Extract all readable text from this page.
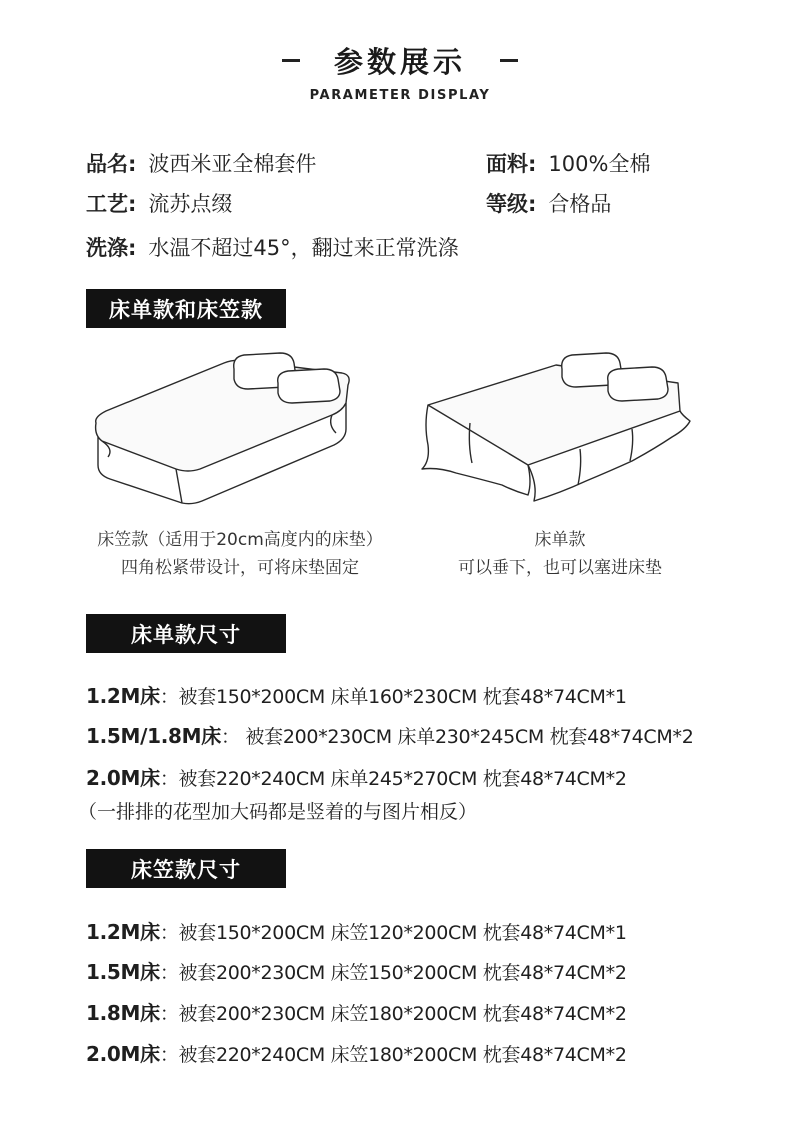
参数展示
PARAMETER DISPLAY
品名: 波西米亚全棉套件	面料: 100%全棉
工艺: 流苏点缀	等级: 合格品
洗涤: 水温不超过45°，翻过来正常洗涤
床单款和床笠款
床笠款（适用于20cm高度内的床垫）
四角松紧带设计，可将床垫固定
床单款
可以垂下，也可以塞进床垫
床单款尺寸
1.2M床：被套150*200CM 床单160*230CM 枕套48*74CM*1
1.5M/1.8M床： 被套200*230CM 床单230*245CM 枕套48*74CM*2
2.0M床：被套220*240CM 床单245*270CM 枕套48*74CM*2
（一排排的花型加大码都是竖着的与图片相反）
床笠款尺寸
1.2M床：被套150*200CM 床笠120*200CM 枕套48*74CM*1
1.5M床：被套200*230CM 床笠150*200CM 枕套48*74CM*2
1.8M床：被套200*230CM 床笠180*200CM 枕套48*74CM*2
2.0M床：被套220*240CM 床笠180*200CM 枕套48*74CM*2
